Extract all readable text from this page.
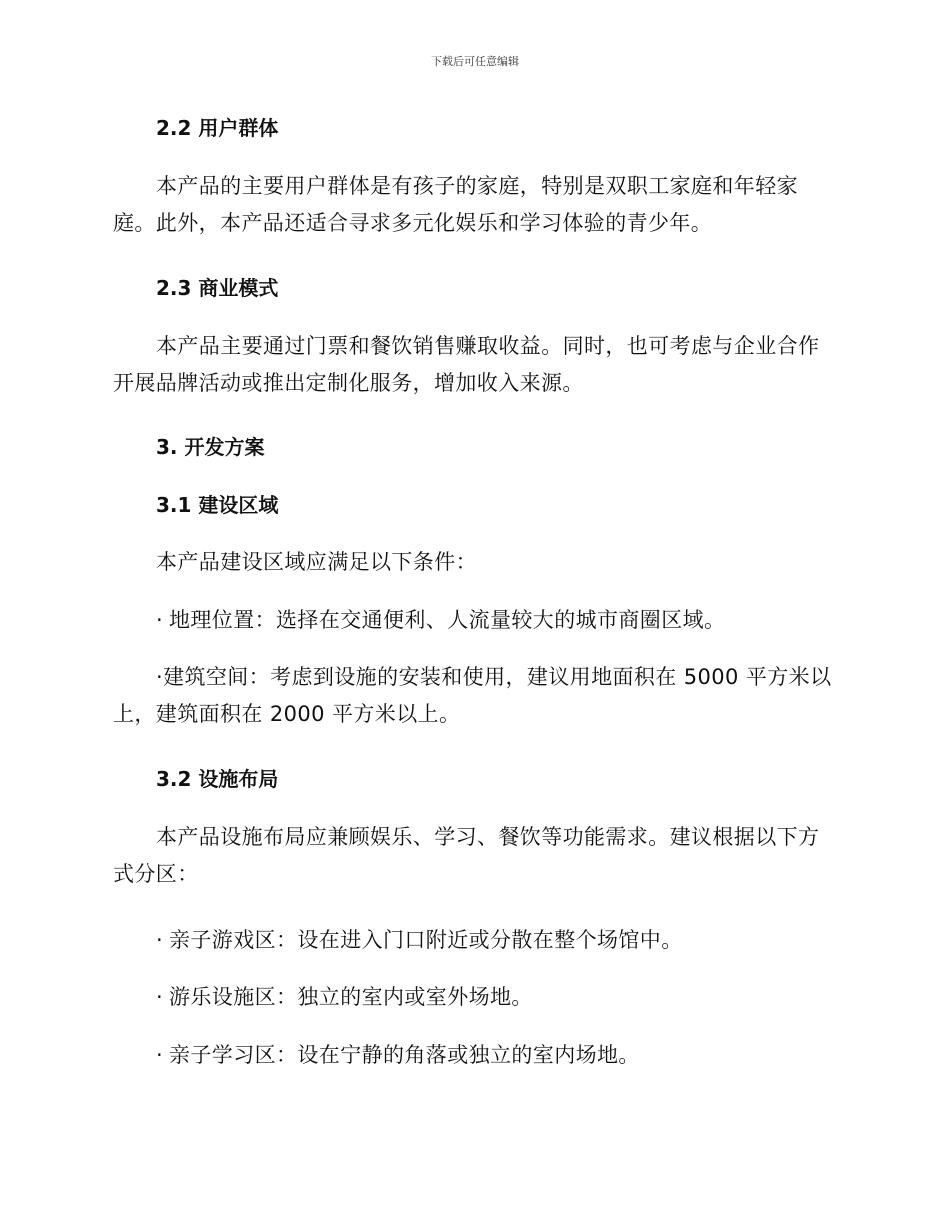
下载后可任意编辑
2.2 用户群体
本产品的主要用户群体是有孩子的家庭，特别是双职工家庭和年轻家庭。此外，本产品还适合寻求多元化娱乐和学习体验的青少年。
2.3 商业模式
本产品主要通过门票和餐饮销售赚取收益。同时，也可考虑与企业合作开展品牌活动或推出定制化服务，增加收入来源。
3. 开发方案
3.1 建设区域
本产品建设区域应满足以下条件：
· 地理位置：选择在交通便利、人流量较大的城市商圈区域。
·建筑空间：考虑到设施的安装和使用，建议用地面积在 5000 平方米以上，建筑面积在 2000 平方米以上。
3.2 设施布局
本产品设施布局应兼顾娱乐、学习、餐饮等功能需求。建议根据以下方式分区：
· 亲子游戏区：设在进入门口附近或分散在整个场馆中。
· 游乐设施区：独立的室内或室外场地。
· 亲子学习区：设在宁静的角落或独立的室内场地。
